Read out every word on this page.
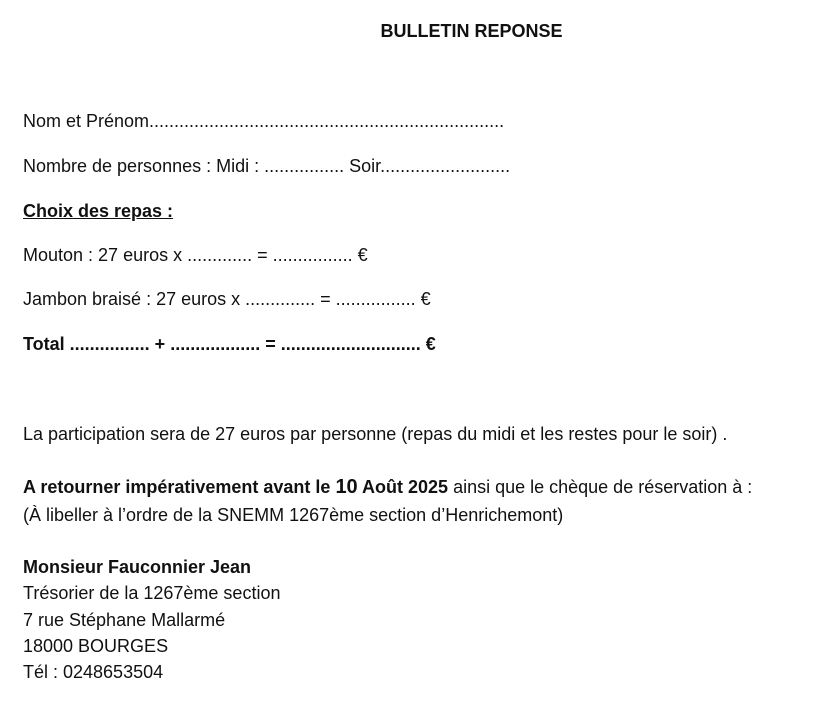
BULLETIN REPONSE
Nom et Prénom.......................................................................
Nombre de personnes : Midi : ................ Soir..........................
Choix des repas :
Mouton : 27 euros x ............. = ................ €
Jambon braisé : 27 euros x .............. = ................ €
Total ................ + .................. = ............................ €
La participation sera de 27 euros par personne (repas du midi et les restes pour le soir) .
A retourner impérativement avant le 10 Août 2025 ainsi que le chèque de réservation à :
(À libeller à l’ordre de la SNEMM 1267ème section d’Henrichemont)
Monsieur Fauconnier Jean
Trésorier de la 1267ème section
7 rue Stéphane Mallarmé
18000 BOURGES
Tél : 0248653504
